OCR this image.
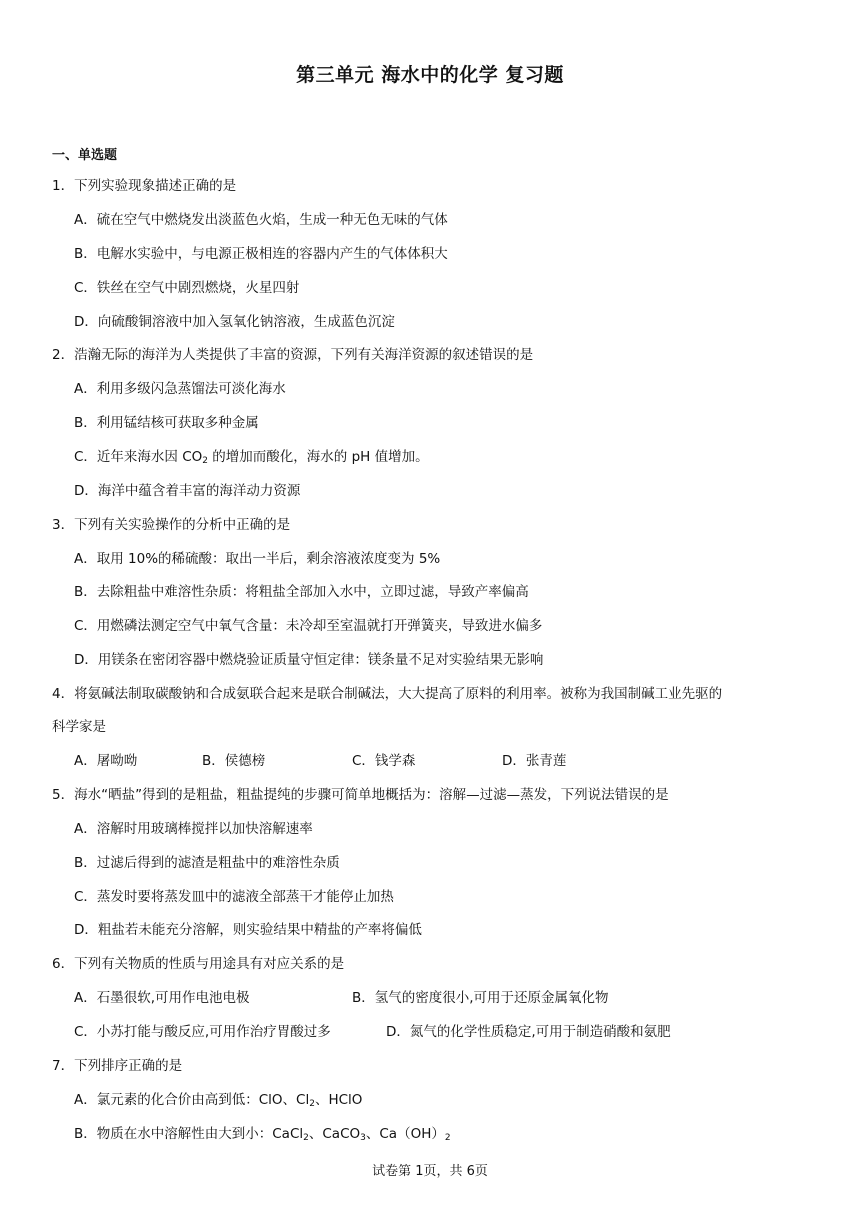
第三单元 海水中的化学 复习题
一、单选题
1．下列实验现象描述正确的是
A．硫在空气中燃烧发出淡蓝色火焰，生成一种无色无味的气体
B．电解水实验中，与电源正极相连的容器内产生的气体体积大
C．铁丝在空气中剧烈燃烧，火星四射
D．向硫酸铜溶液中加入氢氧化钠溶液，生成蓝色沉淀
2．浩瀚无际的海洋为人类提供了丰富的资源，下列有关海洋资源的叙述错误的是
A．利用多级闪急蒸馏法可淡化海水
B．利用锰结核可获取多种金属
C．近年来海水因 $CO_2$ 的增加而酸化，海水的 pH 值增加。
D．海洋中蕴含着丰富的海洋动力资源
3．下列有关实验操作的分析中正确的是
A．取用 10%的稀硫酸：取出一半后，剩余溶液浓度变为 5%
B．去除粗盐中难溶性杂质：将粗盐全部加入水中，立即过滤，导致产率偏高
C．用燃磷法测定空气中氧气含量：未冷却至室温就打开弹簧夹，导致进水偏多
D．用镁条在密闭容器中燃烧验证质量守恒定律：镁条量不足对实验结果无影响
4．将氨碱法制取碳酸钠和合成氨联合起来是联合制碱法，大大提高了原料的利用率。被称为我国制碱工业先驱的
科学家是
A．屠呦呦	B．侯德榜	C．钱学森	D．张青莲
5．海水“晒盐”得到的是粗盐，粗盐提纯的步骤可简单地概括为：溶解—过滤—蒸发，下列说法错误的是
A．溶解时用玻璃棒搅拌以加快溶解速率
B．过滤后得到的滤渣是粗盐中的难溶性杂质
C．蒸发时要将蒸发皿中的滤液全部蒸干才能停止加热
D．粗盐若未能充分溶解，则实验结果中精盐的产率将偏低
6．下列有关物质的性质与用途具有对应关系的是
A．石墨很软,可用作电池电极	B．氢气的密度很小,可用于还原金属氧化物
C．小苏打能与酸反应,可用作治疗胃酸过多	D．氮气的化学性质稳定,可用于制造硝酸和氨肥
7．下列排序正确的是
A．氯元素的化合价由高到低：ClO、$Cl_2$、HClO
B．物质在水中溶解性由大到小：CaCl$_2$、CaCO$_3$、$Ca(OH)_2$
试卷第 1页，共 6页
